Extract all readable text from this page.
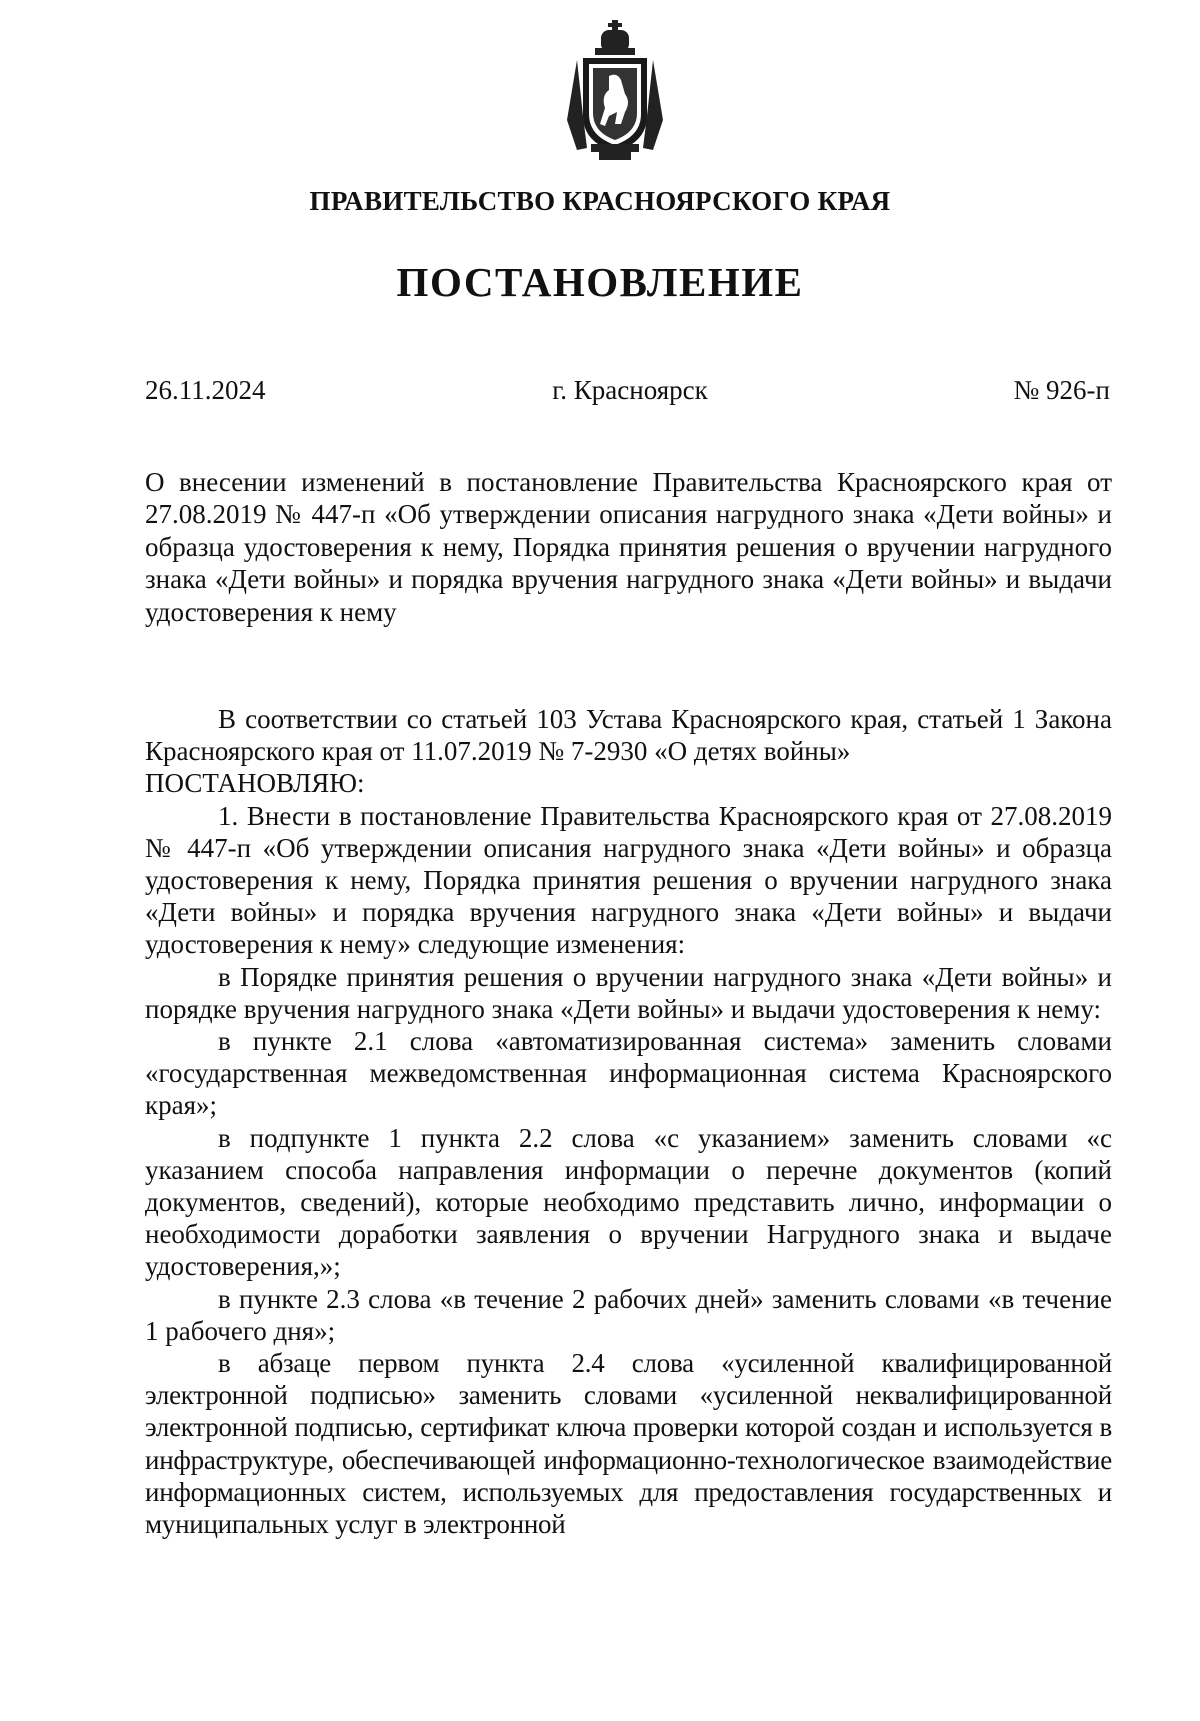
ПРАВИТЕЛЬСТВО КРАСНОЯРСКОГО КРАЯ
ПОСТАНОВЛЕНИЕ
26.11.2024	г. Красноярск	№ 926-п
О внесении изменений в постановление Правительства Красноярского края от 27.08.2019 № 447-п «Об утверждении описания нагрудного знака «Дети войны» и образца удостоверения к нему, Порядка принятия решения о вручении нагрудного знака «Дети войны» и порядка вручения нагрудного знака «Дети войны» и выдачи удостоверения к нему
В соответствии со статьей 103 Устава Красноярского края, статьей 1 Закона Красноярского края от 11.07.2019 № 7-2930 «О детях войны»
ПОСТАНОВЛЯЮ:
1. Внести в постановление Правительства Красноярского края от 27.08.2019 № 447-п «Об утверждении описания нагрудного знака «Дети войны» и образца удостоверения к нему, Порядка принятия решения о вручении нагрудного знака «Дети войны» и порядка вручения нагрудного знака «Дети войны» и выдачи удостоверения к нему» следующие изменения:
в Порядке принятия решения о вручении нагрудного знака «Дети войны» и порядке вручения нагрудного знака «Дети войны» и выдачи удостоверения к нему:
в пункте 2.1 слова «автоматизированная система» заменить словами «государственная межведомственная информационная система Красноярского края»;
в подпункте 1 пункта 2.2 слова «с указанием» заменить словами «с указанием способа направления информации о перечне документов (копий документов, сведений), которые необходимо представить лично, информации о необходимости доработки заявления о вручении Нагрудного знака и выдаче удостоверения,»;
в пункте 2.3 слова «в течение 2 рабочих дней» заменить словами «в течение 1 рабочего дня»;
в абзаце первом пункта 2.4 слова «усиленной квалифицированной электронной подписью» заменить словами «усиленной неквалифицированной электронной подписью, сертификат ключа проверки которой создан и используется в инфраструктуре, обеспечивающей информационно-технологическое взаимодействие информационных систем, используемых для предоставления государственных и муниципальных услуг в электронной
